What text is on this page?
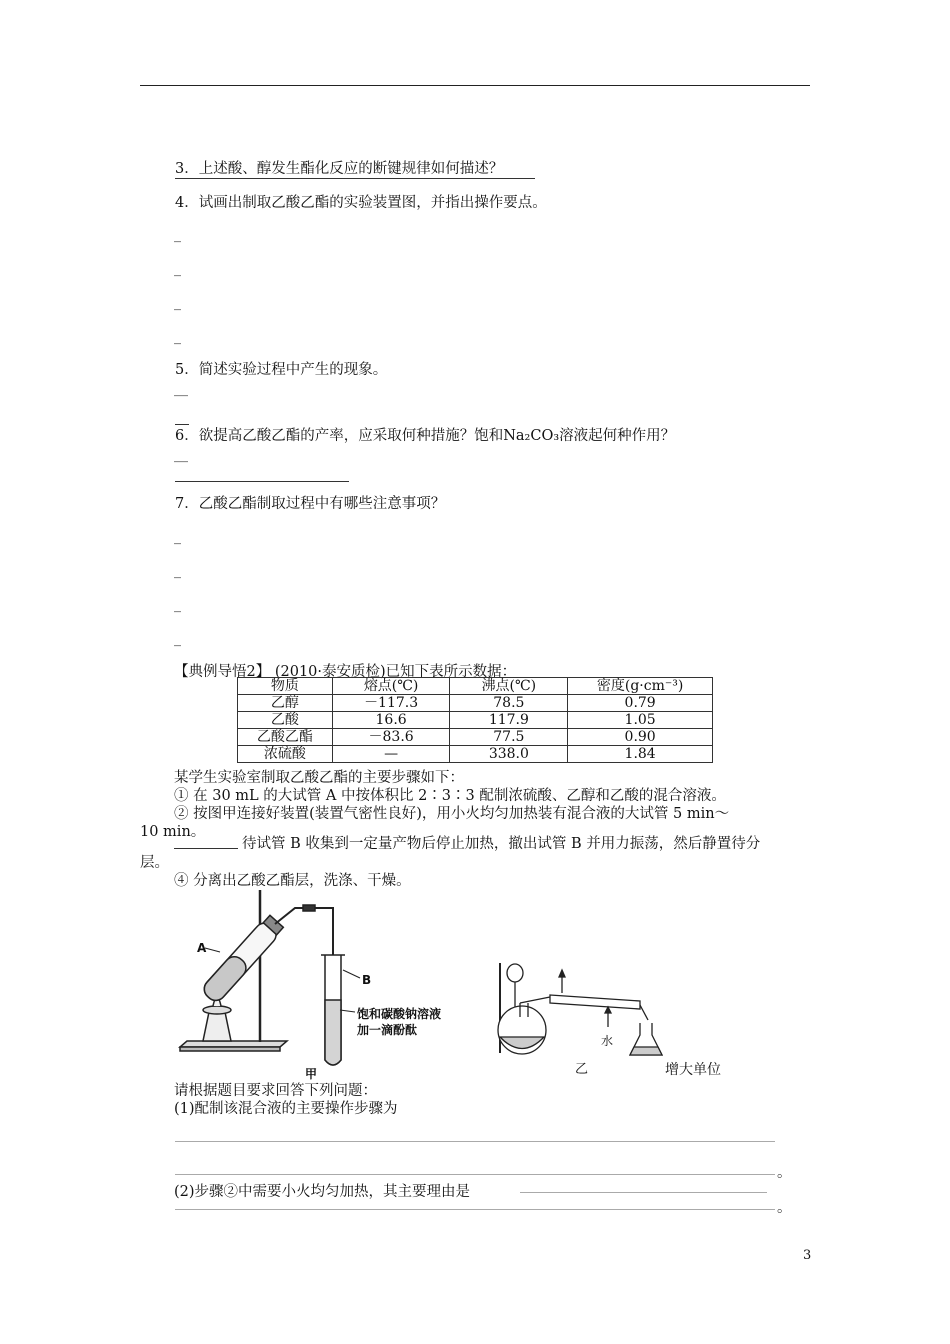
3．上述酸、醇发生酯化反应的断键规律如何描述？
4．试画出制取乙酸乙酯的实验装置图，并指出操作要点。
_
_
_
_
5．简述实验过程中产生的现象。
__
6．欲提高乙酸乙酯的产率，应采取何种措施？饱和Na₂CO₃溶液起何种作用？
__
7．乙酸乙酯制取过程中有哪些注意事项？
_
_
_
_
【典例导悟2】 (2010·泰安质检)已知下表所示数据：
物质	熔点(℃)	沸点(℃)	密度(g·cm⁻³)
乙醇	－117.3	78.5	0.79
乙酸	16.6	117.9	1.05
乙酸乙酯	－83.6	77.5	0.90
浓硫酸	—	338.0	1.84
某学生实验室制取乙酸乙酯的主要步骤如下：
① 在 30 mL 的大试管 A 中按体积比 2∶3∶3 配制浓硫酸、乙醇和乙酸的混合溶液。
② 按图甲连接好装置(装置气密性良好)，用小火均匀加热装有混合液的大试管 5 min～
10 min。
待试管 B 收集到一定量产物后停止加热，撤出试管 B 并用力振荡，然后静置待分
层。
④ 分离出乙酸乙酯层，洗涤、干燥。
A
B
饱和碳酸钠溶液
加一滴酚酞
甲
水
乙	增大单位
请根据题目要求回答下列问题：
(1)配制该混合液的主要操作步骤为
。
(2)步骤②中需要小火均匀加热，其主要理由是
。
3
